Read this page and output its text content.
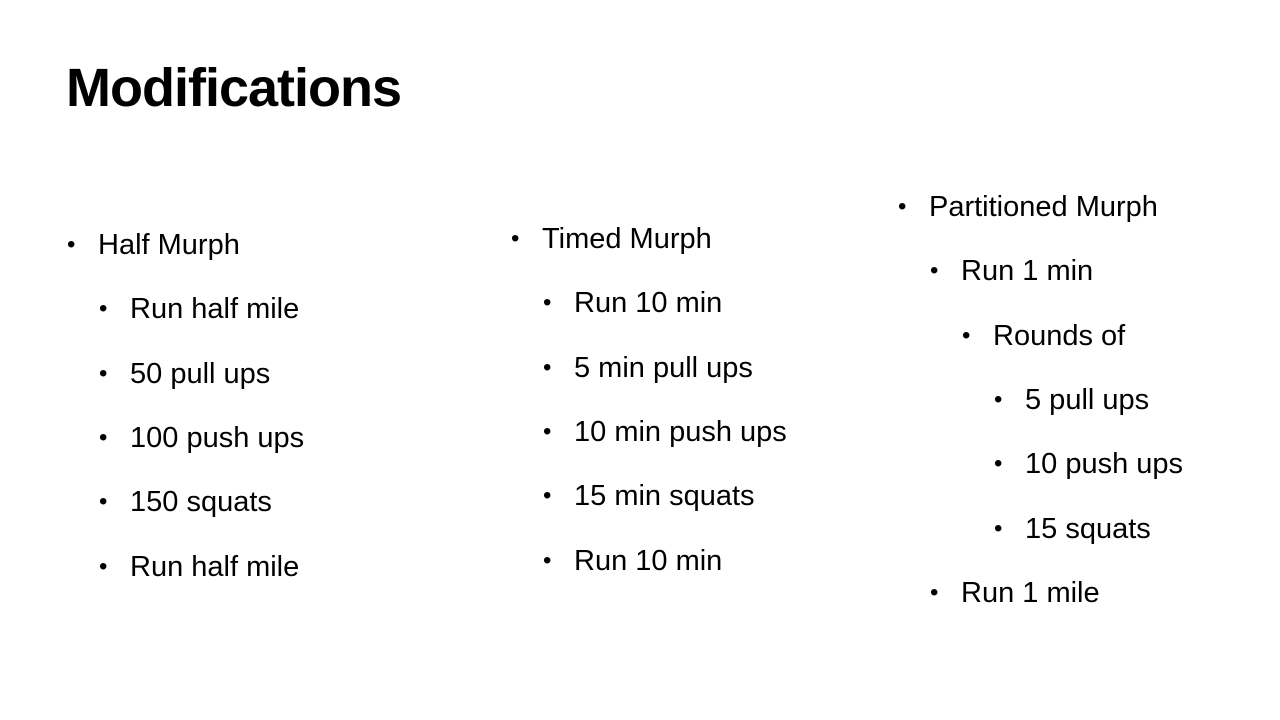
Modifications
• Half Murph
• Run half mile
• 50 pull ups
• 100 push ups
• 150 squats
• Run half mile
• Timed Murph
• Run 10 min
• 5 min pull ups
• 10 min push ups
• 15 min squats
• Run 10 min
• Partitioned Murph
• Run 1 min
• Rounds of
• 5 pull ups
• 10 push ups
• 15 squats
• Run 1 mile
